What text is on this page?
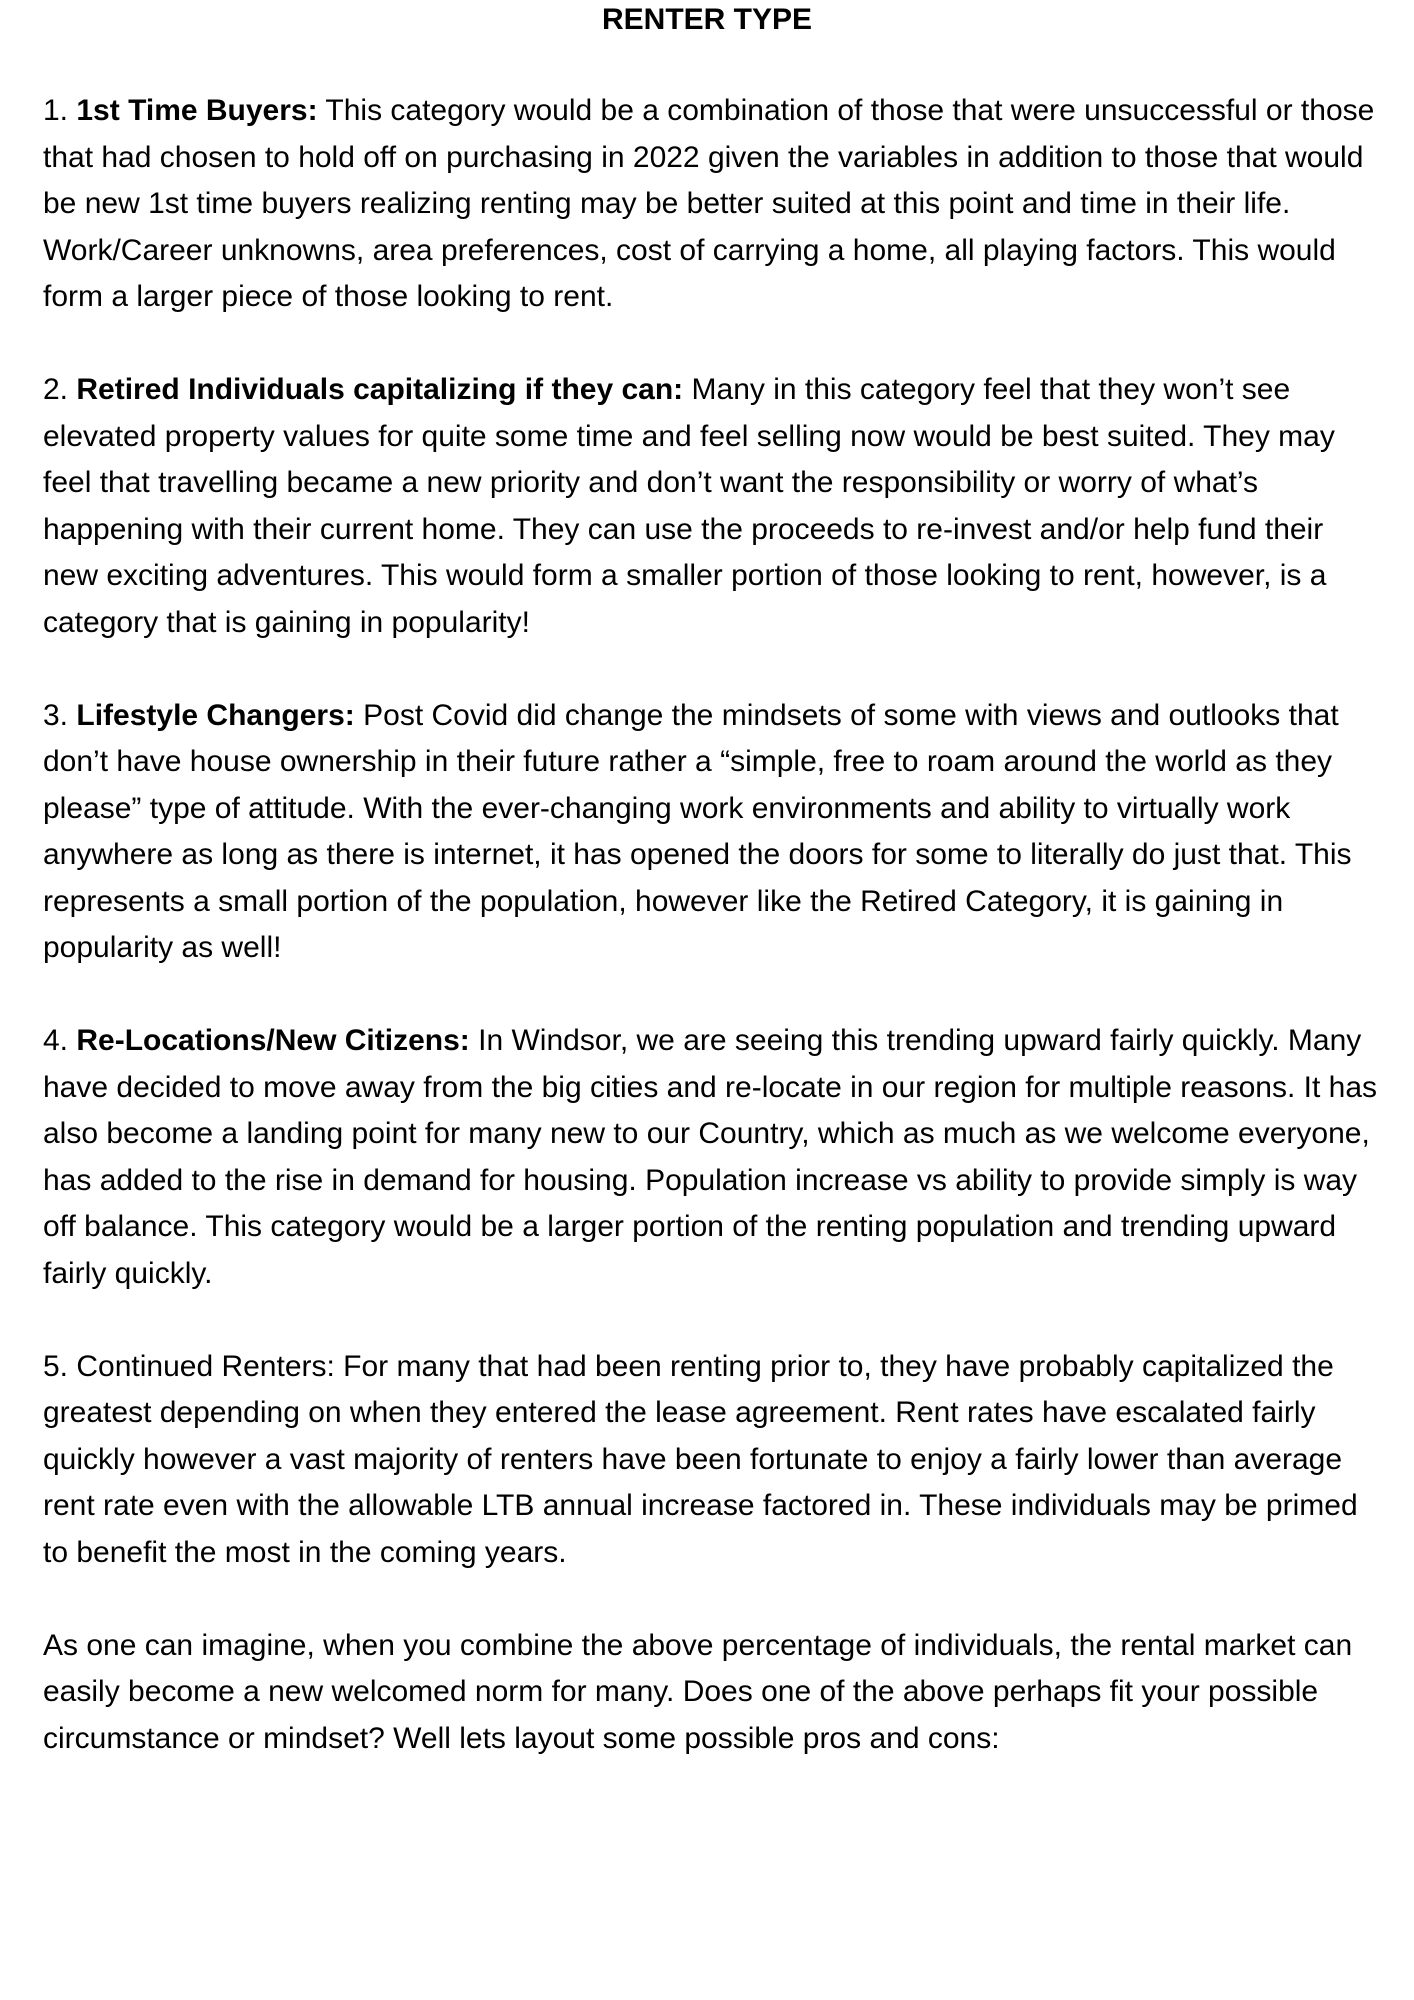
RENTER TYPE

1. 1st Time Buyers: This category would be a combination of those that were unsuccessful or those that had chosen to hold off on purchasing in 2022 given the variables in addition to those that would be new 1st time buyers realizing renting may be better suited at this point and time in their life. Work/Career unknowns, area preferences, cost of carrying a home, all playing factors. This would form a larger piece of those looking to rent.

2. Retired Individuals capitalizing if they can: Many in this category feel that they won’t see elevated property values for quite some time and feel selling now would be best suited. They may feel that travelling became a new priority and don’t want the responsibility or worry of what’s happening with their current home. They can use the proceeds to re-invest and/or help fund their new exciting adventures. This would form a smaller portion of those looking to rent, however, is a category that is gaining in popularity!

3. Lifestyle Changers: Post Covid did change the mindsets of some with views and outlooks that don’t have house ownership in their future rather a “simple, free to roam around the world as they please” type of attitude. With the ever-changing work environments and ability to virtually work anywhere as long as there is internet, it has opened the doors for some to literally do just that. This represents a small portion of the population, however like the Retired Category, it is gaining in popularity as well!

4. Re-Locations/New Citizens: In Windsor, we are seeing this trending upward fairly quickly. Many have decided to move away from the big cities and re-locate in our region for multiple reasons. It has also become a landing point for many new to our Country, which as much as we welcome everyone, has added to the rise in demand for housing. Population increase vs ability to provide simply is way off balance. This category would be a larger portion of the renting population and trending upward fairly quickly.

5. Continued Renters: For many that had been renting prior to, they have probably capitalized the greatest depending on when they entered the lease agreement. Rent rates have escalated fairly quickly however a vast majority of renters have been fortunate to enjoy a fairly lower than average rent rate even with the allowable LTB annual increase factored in. These individuals may be primed to benefit the most in the coming years.

As one can imagine, when you combine the above percentage of individuals, the rental market can easily become a new welcomed norm for many. Does one of the above perhaps fit your possible circumstance or mindset? Well lets layout some possible pros and cons:
